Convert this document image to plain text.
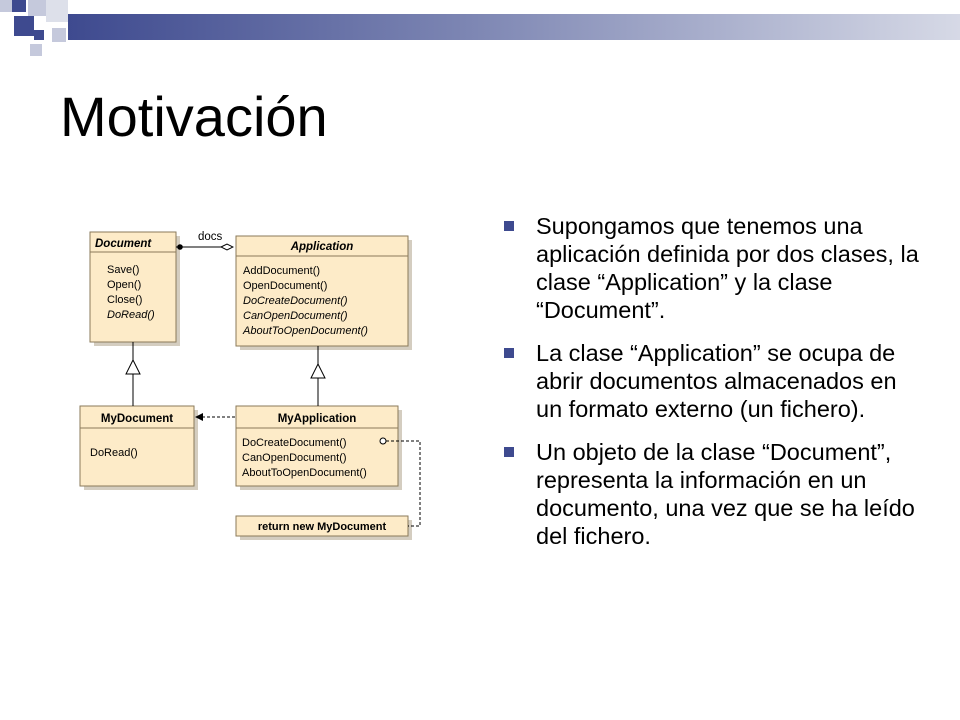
Motivación
Document
Save()
Open()
Close()
DoRead()
Application
AddDocument()
OpenDocument()
DoCreateDocument()
CanOpenDocument()
AboutToOpenDocument()
docs
MyDocument
DoRead()
MyApplication
DoCreateDocument()
CanOpenDocument()
AboutToOpenDocument()
return new MyDocument
Supongamos que tenemos una aplicación definida por dos clases, la clase “Application” y la clase “Document”.
La clase “Application” se ocupa de abrir documentos almacenados en un formato externo (un fichero).
Un objeto de la clase “Document”, representa la información en un documento, una vez que se ha leído del fichero.
